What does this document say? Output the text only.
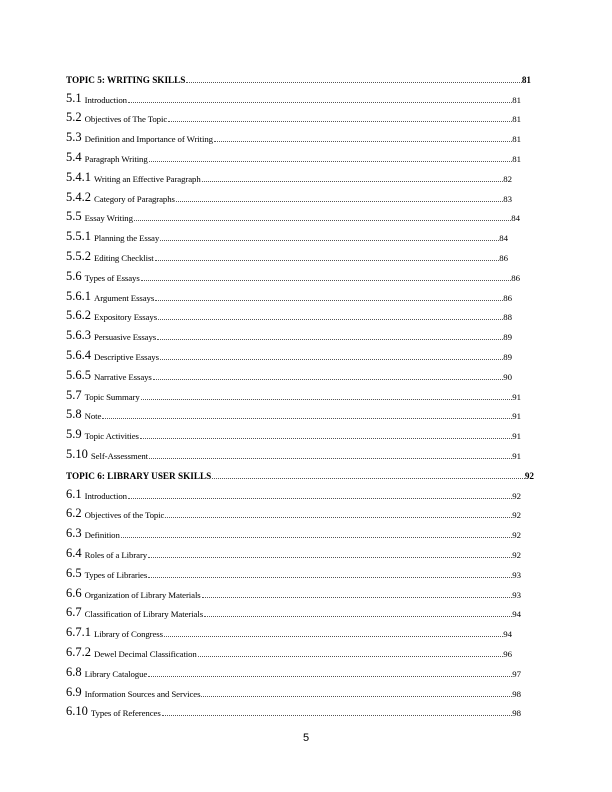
TOPIC 5: WRITING SKILLS	81
5.1 Introduction	81
5.2 Objectives of The Topic	81
5.3 Definition and Importance of Writing	81
5.4 Paragraph Writing	81
5.4.1 Writing an Effective Paragraph	82
5.4.2 Category of Paragraphs	83
5.5 Essay Writing	84
5.5.1 Planning the Essay	84
5.5.2 Editing Checklist	86
5.6 Types of Essays	86
5.6.1 Argument Essays	86
5.6.2 Expository Essays	88
5.6.3 Persuasive Essays	89
5.6.4 Descriptive Essays	89
5.6.5 Narrative Essays	90
5.7 Topic Summary	91
5.8 Note	91
5.9 Topic Activities	91
5.10 Self-Assessment	91
TOPIC 6: LIBRARY USER SKILLS	92
6.1 Introduction	92
6.2 Objectives of the Topic	92
6.3 Definition	92
6.4 Roles of a Library	92
6.5 Types of Libraries	93
6.6 Organization of Library Materials	93
6.7 Classification of Library Materials	94
6.7.1 Library of Congress	94
6.7.2 Dewel Decimal Classification	96
6.8 Library Catalogue	97
6.9 Information Sources and Services	98
6.10 Types of References	98
5
